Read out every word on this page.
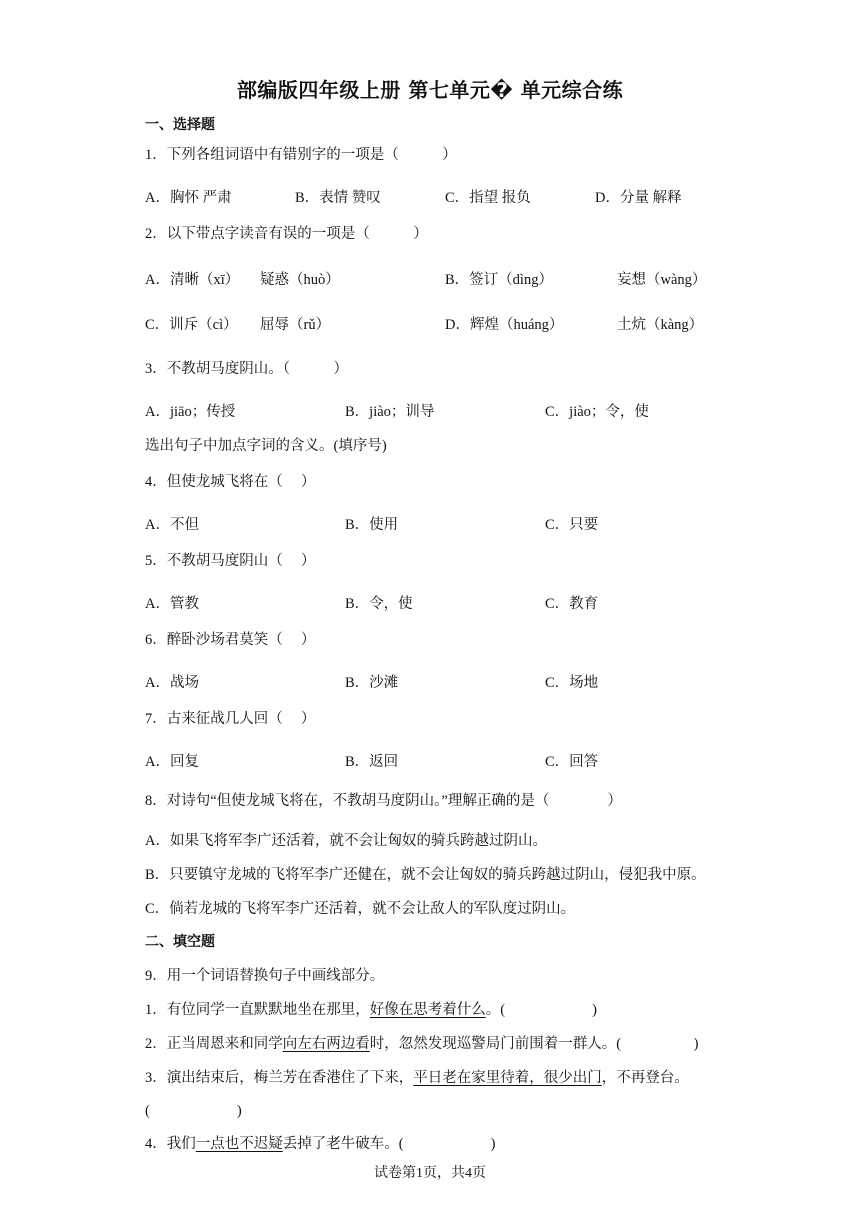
部编版四年级上册 第七单元� 单元综合练
一、选择题
1．下列各组词语中有错别字的一项是（　　　）
A．胸怀 严肃	B．表情 赞叹	C．指望 报负	D．分量 解释
2．以下带点字读音有误的一项是（　　　）
A．清晰（xī） 疑惑（huò）	B．签订（dìng）	妄想（wàng）
C．训斥（cì） 屈辱（rǔ）	D．辉煌（huáng）	土炕（kàng）
3．不教胡马度阴山。（　　　）
A．jiāo；传授	B．jiào；训导	C．jiào；令，使
选出句子中加点字词的含义。(填序号)
4．但使龙城飞将在（　 ）
A．不但	B．使用	C．只要
5．不教胡马度阴山（　 ）
A．管教	B．令，使	C．教育
6．醉卧沙场君莫笑（　 ）
A．战场	B．沙滩	C．场地
7．古来征战几人回（　 ）
A．回复	B．返回	C．回答
8．对诗句“但使龙城飞将在，不教胡马度阴山。”理解正确的是（　　　　）
A．如果飞将军李广还活着，就不会让匈奴的骑兵跨越过阴山。
B．只要镇守龙城的飞将军李广还健在，就不会让匈奴的骑兵跨越过阴山，侵犯我中原。
C．倘若龙城的飞将军李广还活着，就不会让敌人的军队度过阴山。
二、填空题
9．用一个词语替换句子中画线部分。
1．有位同学一直默默地坐在那里，好像在思考着什么。(　　　　　　)
2．正当周恩来和同学向左右两边看时，忽然发现巡警局门前围着一群人。(　　　　　)
3．演出结束后，梅兰芳在香港住了下来，平日老在家里待着，很少出门，不再登台。
(　　　　　　)
4．我们一点也不迟疑丢掉了老牛破车。(　　　　　　)
试卷第1页，共4页
